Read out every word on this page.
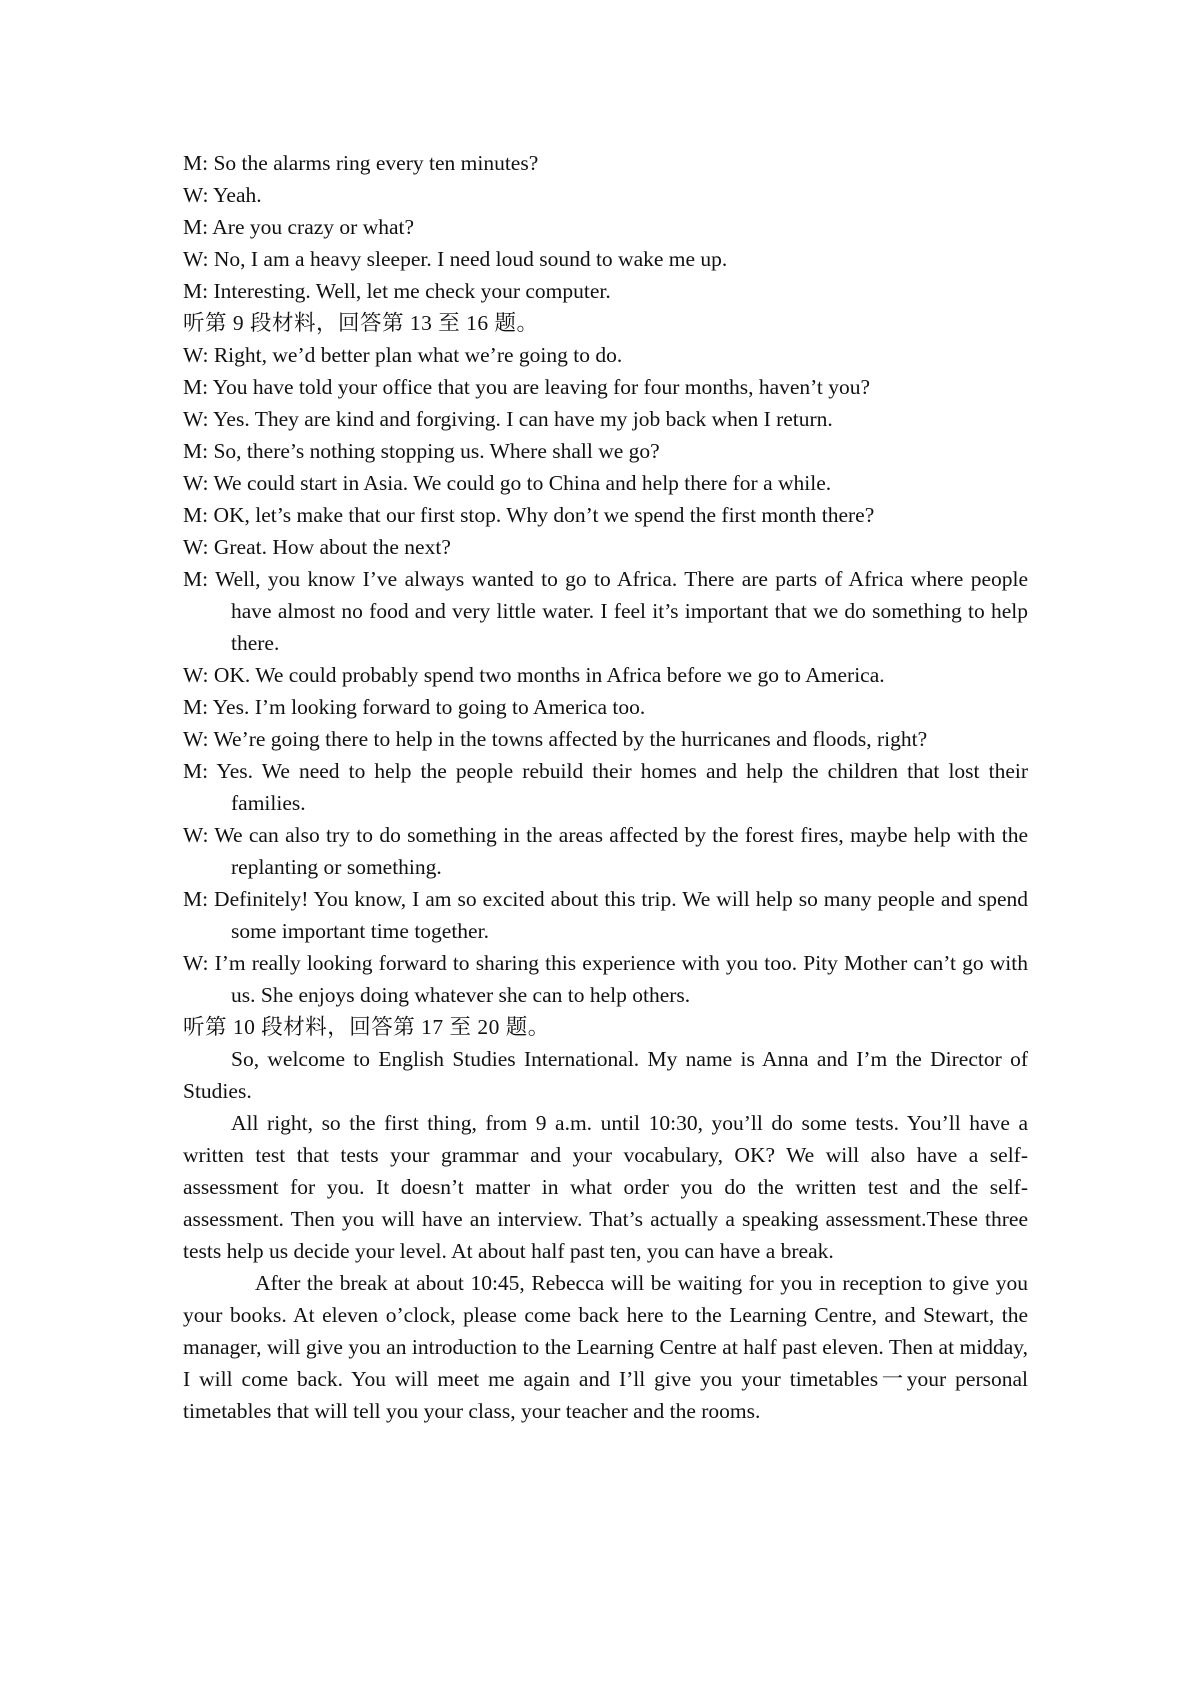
M: So the alarms ring every ten minutes?

W: Yeah.

M: Are you crazy or what?

W: No, I am a heavy sleeper. I need loud sound to wake me up.

M: Interesting. Well, let me check your computer.

听第 9 段材料，回答第 13 至 16 题。

W: Right, we’d better plan what we’re going to do.

M: You have told your office that you are leaving for four months, haven’t you?

W: Yes. They are kind and forgiving. I can have my job back when I return.

M: So, there’s nothing stopping us. Where shall we go?

W: We could start in Asia. We could go to China and help there for a while.

M: OK, let’s make that our first stop. Why don’t we spend the first month there?

W: Great. How about the next?

M: Well, you know I’ve always wanted to go to Africa. There are parts of Africa where people have almost no food and very little water. I feel it’s important that we do something to help there.

W: OK. We could probably spend two months in Africa before we go to America.

M: Yes. I’m looking forward to going to America too.

W: We’re going there to help in the towns affected by the hurricanes and floods, right?

M: Yes. We need to help the people rebuild their homes and help the children that lost their families.

W: We can also try to do something in the areas affected by the forest fires, maybe help with the replanting or something.

M: Definitely! You know, I am so excited about this trip. We will help so many people and spend some important time together.

W: I’m really looking forward to sharing this experience with you too. Pity Mother can’t go with us. She enjoys doing whatever she can to help others.

听第 10 段材料，回答第 17 至 20 题。

So, welcome to English Studies International. My name is Anna and I’m the Director of Studies.

All right, so the first thing, from 9 a.m. until 10:30, you’ll do some tests. You’ll have a written test that tests your grammar and your vocabulary, OK? We will also have a self-assessment for you. It doesn’t matter in what order you do the written test and the self-assessment. Then you will have an interview. That’s actually a speaking assessment.These three tests help us decide your level. At about half past ten, you can have a break.

After the break at about 10:45, Rebecca will be waiting for you in reception to give you your books. At eleven o’clock, please come back here to the Learning Centre, and Stewart, the manager, will give you an introduction to the Learning Centre at half past eleven. Then at midday, I will come back. You will meet me again and I’ll give you your timetables一your personal timetables that will tell you your class, your teacher and the rooms.
